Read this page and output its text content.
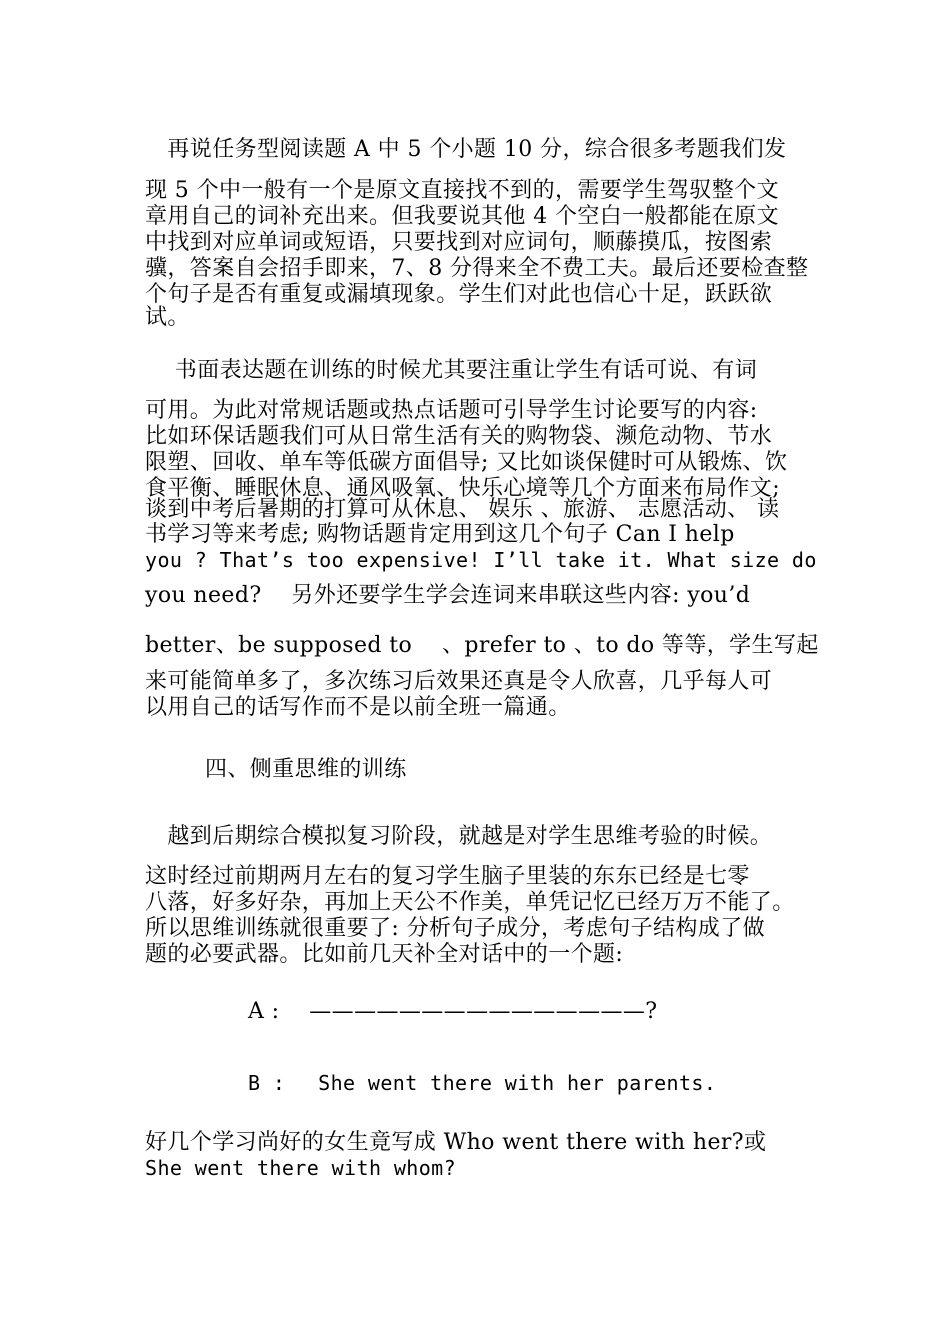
　再说任务型阅读题 A 中 5 个小题 10 分，综合很多考题我们发
现 5 个中一般有一个是原文直接找不到的，需要学生驾驭整个文
章用自己的词补充出来。但我要说其他 4 个空白一般都能在原文
中找到对应单词或短语，只要找到对应词句，顺藤摸瓜，按图索
骥，答案自会招手即来，7、8 分得来全不费工夫。最后还要检查整
个句子是否有重复或漏填现象。学生们对此也信心十足，跃跃欲
试。
　 书面表达题在训练的时候尤其要注重让学生有话可说、有词
可用。为此对常规话题或热点话题可引导学生讨论要写的内容:
比如环保话题我们可从日常生活有关的购物袋、濒危动物、节水
限塑、回收、单车等低碳方面倡导; 又比如谈保健时可从锻炼、饮
食平衡、睡眠休息、通风吸氧、快乐心境等几个方面来布局作文;
谈到中考后暑期的打算可从休息、 娱乐 、旅游、 志愿活动、 读
书学习等来考虑; 购物话题肯定用到这几个句子 Can I help
you ? That’s too expensive! I’ll take it. What size do
you need?　 另外还要学生学会连词来串联这些内容: you’d
better、be supposed to 　、prefer to 、to do 等等，学生写起
来可能简单多了，多次练习后效果还真是令人欣喜，几乎每人可
以用自己的话写作而不是以前全班一篇通。
四、侧重思维的训练
　越到后期综合模拟复习阶段，就越是对学生思维考验的时候。
这时经过前期两月左右的复习学生脑子里装的东东已经是七零
八落，好多好杂，再加上天公不作美，单凭记忆已经万万不能了。
所以思维训练就很重要了: 分析句子成分，考虑句子结构成了做
题的必要武器。比如前几天补全对话中的一个题:
A :　 ———————————————?
B :　 She went there with her parents.
好几个学习尚好的女生竟写成 Who went there with her?或
She went there with whom?
